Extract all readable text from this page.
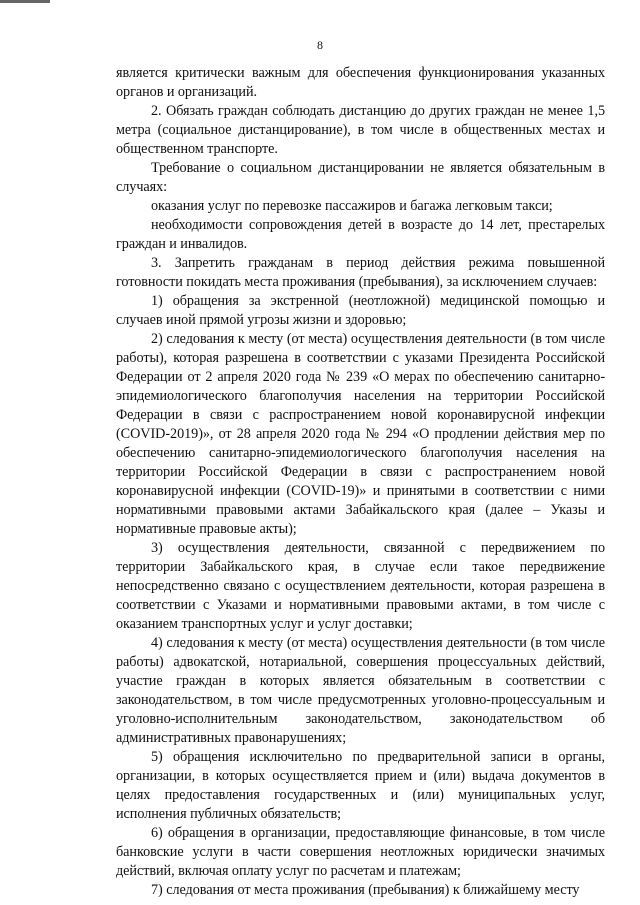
8

является критически важным для обеспечения функционирования указанных органов и организаций.

2. Обязать граждан соблюдать дистанцию до других граждан не менее 1,5 метра (социальное дистанцирование), в том числе в общественных местах и общественном транспорте.

Требование о социальном дистанцировании не является обязательным в случаях:

оказания услуг по перевозке пассажиров и багажа легковым такси;

необходимости сопровождения детей в возрасте до 14 лет, престарелых граждан и инвалидов.

3. Запретить гражданам в период действия режима повышенной готовности покидать места проживания (пребывания), за исключением случаев:

1) обращения за экстренной (неотложной) медицинской помощью и случаев иной прямой угрозы жизни и здоровью;

2) следования к месту (от места) осуществления деятельности (в том числе работы), которая разрешена в соответствии с указами Президента Российской Федерации от 2 апреля 2020 года № 239 «О мерах по обеспечению санитарно-эпидемиологического благополучия населения на территории Российской Федерации в связи с распространением новой коронавирусной инфекции (COVID-2019)», от 28 апреля 2020 года № 294 «О продлении действия мер по обеспечению санитарно-эпидемиологического благополучия населения на территории Российской Федерации в связи с распространением новой коронавирусной инфекции (COVID-19)» и принятыми в соответствии с ними нормативными правовыми актами Забайкальского края (далее – Указы и нормативные правовые акты);

3) осуществления деятельности, связанной с передвижением по территории Забайкальского края, в случае если такое передвижение непосредственно связано с осуществлением деятельности, которая разрешена в соответствии с Указами и нормативными правовыми актами, в том числе с оказанием транспортных услуг и услуг доставки;

4) следования к месту (от места) осуществления деятельности (в том числе работы) адвокатской, нотариальной, совершения процессуальных действий, участие граждан в которых является обязательным в соответствии с законодательством, в том числе предусмотренных уголовно-процессуальным и уголовно-исполнительным законодательством, законодательством об административных правонарушениях;

5) обращения исключительно по предварительной записи в органы, организации, в которых осуществляется прием и (или) выдача документов в целях предоставления государственных и (или) муниципальных услуг, исполнения публичных обязательств;

6) обращения в организации, предоставляющие финансовые, в том числе банковские услуги в части совершения неотложных юридически значимых действий, включая оплату услуг по расчетам и платежам;

7) следования от места проживания (пребывания) к ближайшему месту
